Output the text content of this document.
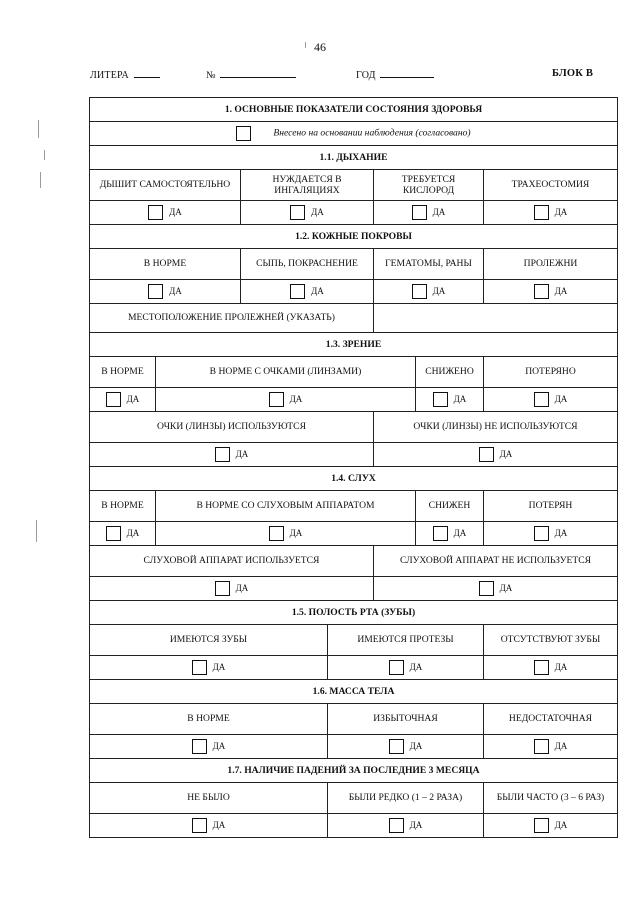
46
ЛИТЕРА	№	ГОД	БЛОК В
1. ОСНОВНЫЕ ПОКАЗАТЕЛИ СОСТОЯНИЯ ЗДОРОВЬЯ						
Внесено на основании наблюдения (согласовано)						
1.1. ДЫХАНИЕ						
ДЫШИТ САМОСТОЯТЕЛЬНО		НУЖДАЕТСЯ В ИНГАЛЯЦИЯХ		ТРЕБУЕТСЯ КИСЛОРОД		ТРАХЕОСТОМИЯ
ДА		ДА		ДА		ДА
1.2. КОЖНЫЕ ПОКРОВЫ						
В НОРМЕ		СЫПЬ, ПОКРАСНЕНИЕ		ГЕМАТОМЫ, РАНЫ		ПРОЛЕЖНИ
ДА		ДА		ДА		ДА
МЕСТОПОЛОЖЕНИЕ ПРОЛЕЖНЕЙ (УКАЗАТЬ)						
1.3. ЗРЕНИЕ						
В НОРМЕ	В НОРМЕ С ОЧКАМИ (ЛИНЗАМИ)				СНИЖЕНО	ПОТЕРЯНО
ДА	ДА				ДА	ДА
ОЧКИ (ЛИНЗЫ) ИСПОЛЬЗУЮТСЯ				ОЧКИ (ЛИНЗЫ) НЕ ИСПОЛЬЗУЮТСЯ		
ДА				ДА		
1.4. СЛУХ						
В НОРМЕ	В НОРМЕ СО СЛУХОВЫМ АППАРАТОМ				СНИЖЕН	ПОТЕРЯН
ДА	ДА				ДА	ДА
СЛУХОВОЙ АППАРАТ ИСПОЛЬЗУЕТСЯ				СЛУХОВОЙ АППАРАТ НЕ ИСПОЛЬЗУЕТСЯ		
ДА				ДА		
1.5. ПОЛОСТЬ РТА (ЗУБЫ)						
ИМЕЮТСЯ ЗУБЫ			ИМЕЮТСЯ ПРОТЕЗЫ			ОТСУТСТВУЮТ ЗУБЫ
ДА			ДА			ДА
1.6. МАССА ТЕЛА						
В НОРМЕ			ИЗБЫТОЧНАЯ			НЕДОСТАТОЧНАЯ
ДА			ДА			ДА
1.7. НАЛИЧИЕ ПАДЕНИЙ ЗА ПОСЛЕДНИЕ 3 МЕСЯЦА						
НЕ БЫЛО			БЫЛИ РЕДКО (1 – 2 РАЗА)			БЫЛИ ЧАСТО (3 – 6 РАЗ)
ДА			ДА			ДА
